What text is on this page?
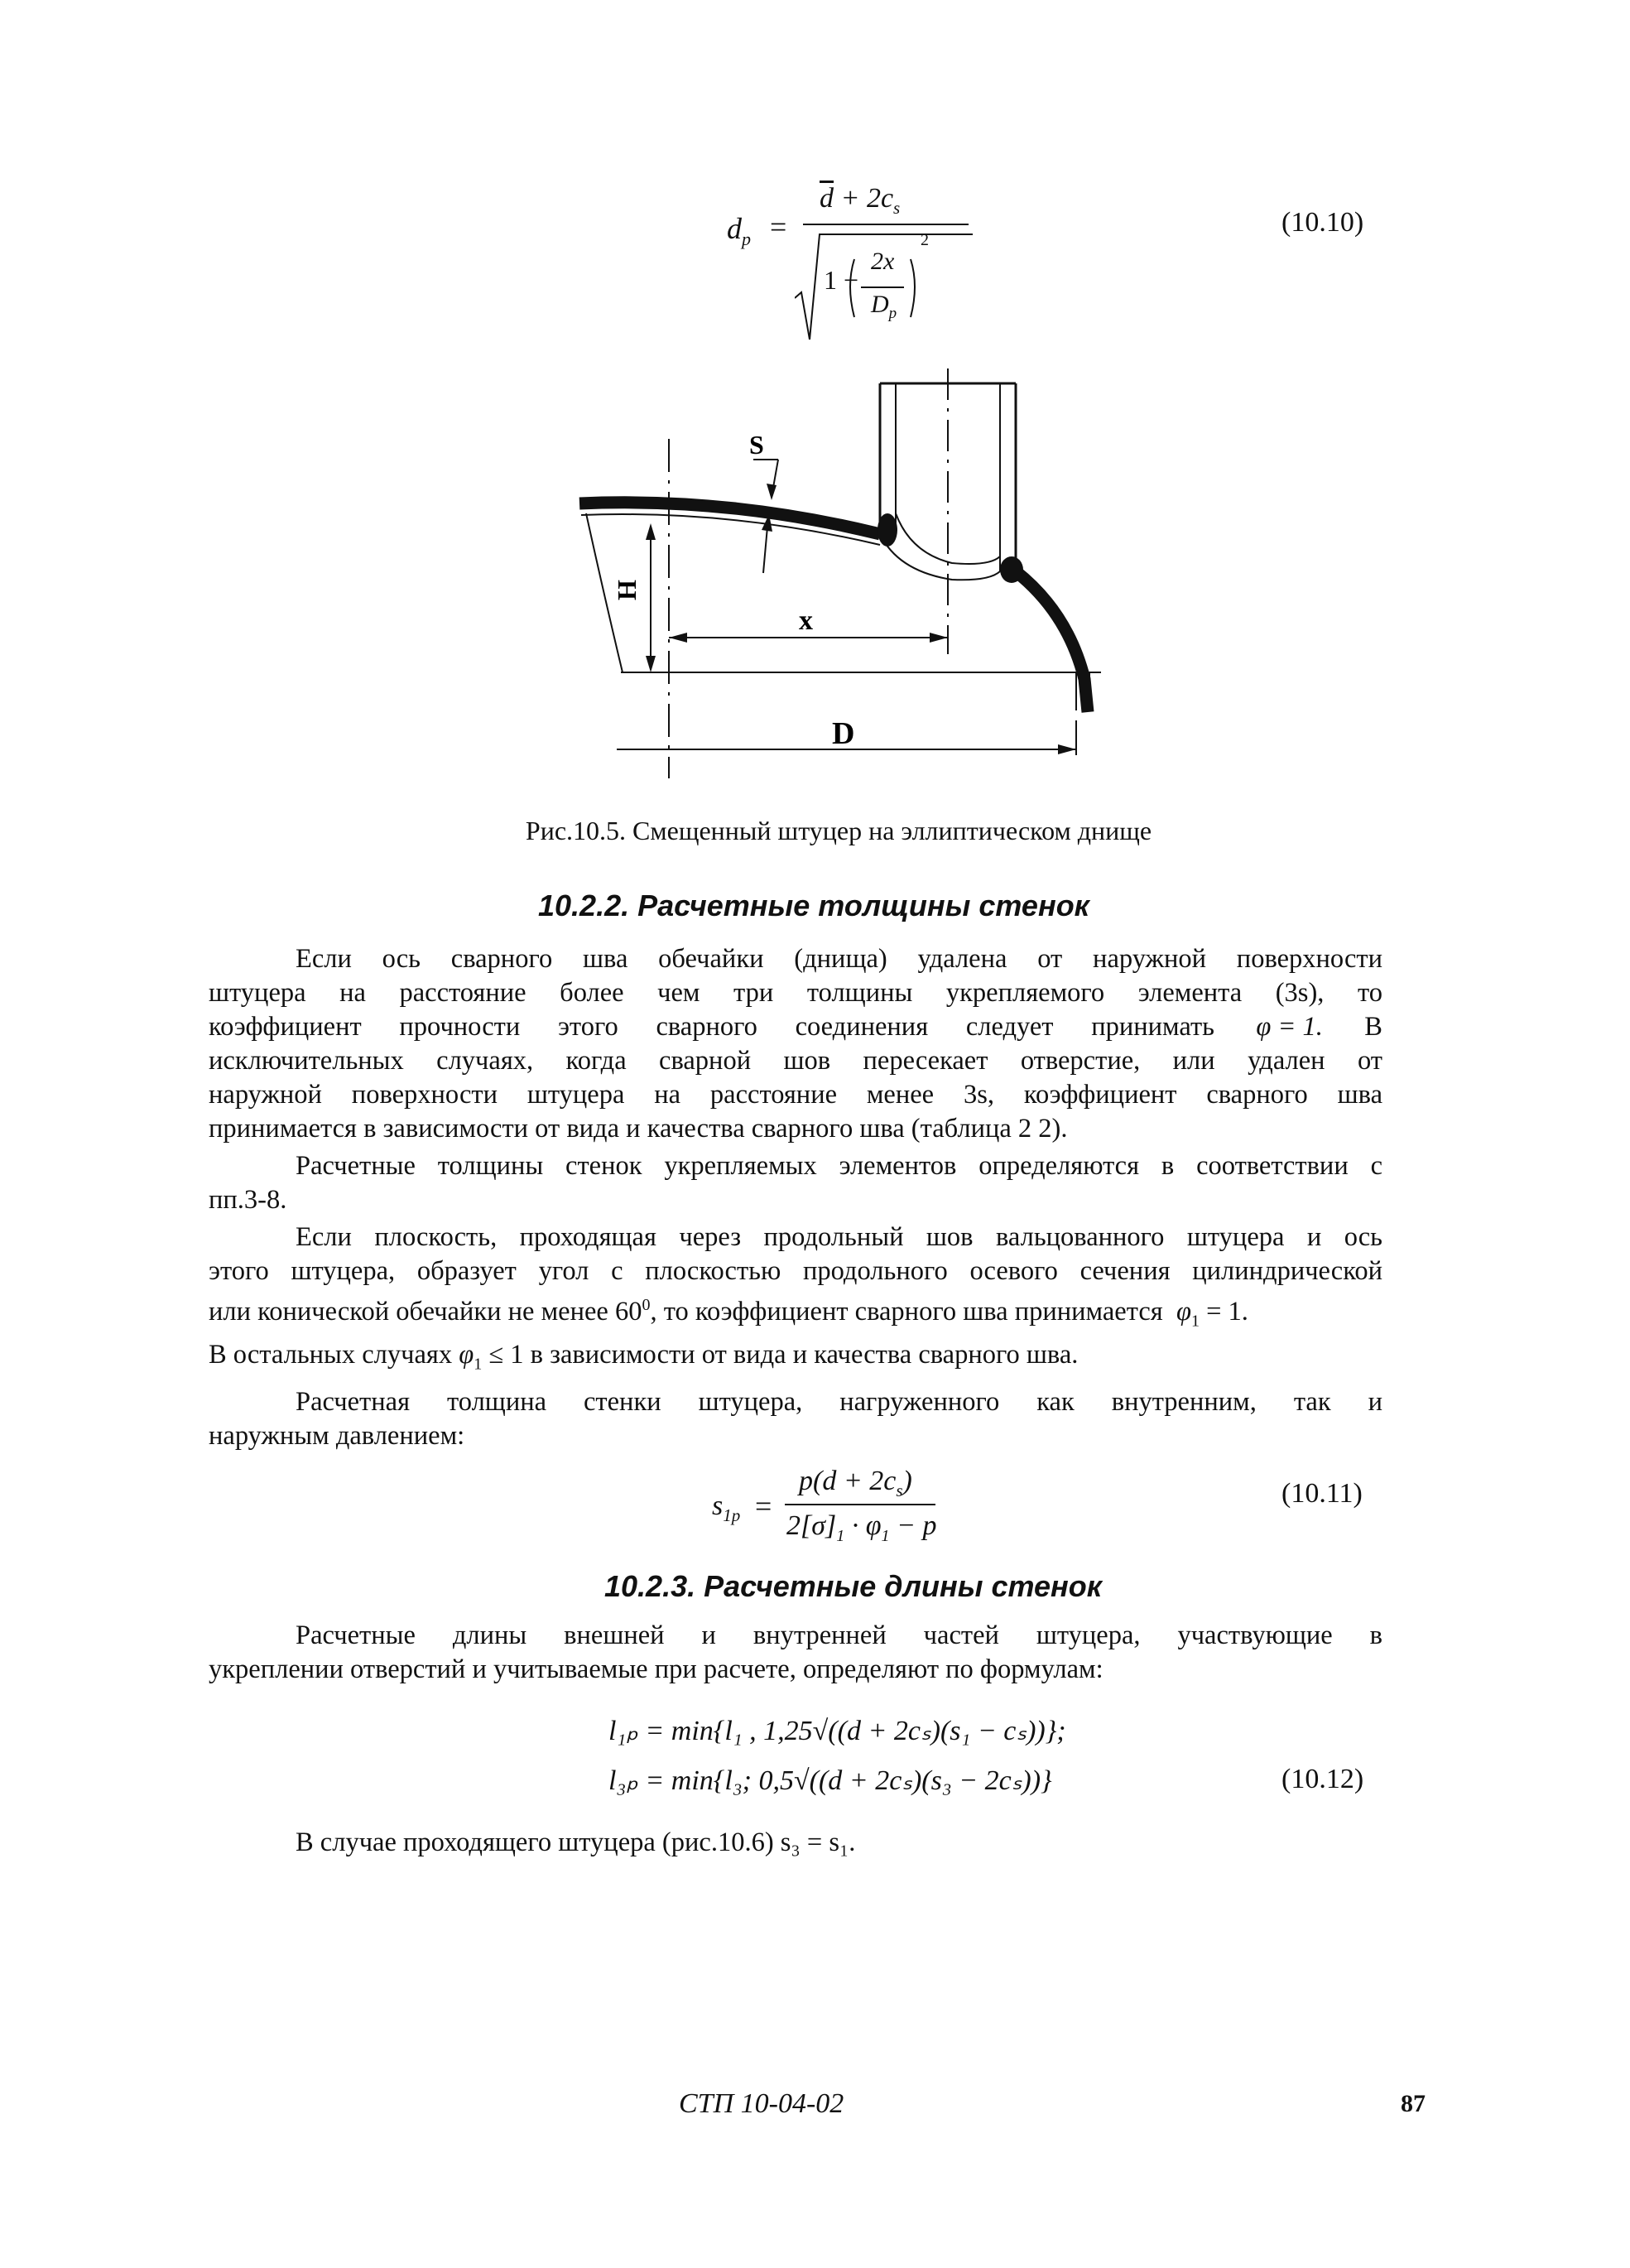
$d_p$ =
$\overline{d} + 2c_s$
1 −
2x
$D_p$
2
(10.10)
S
H
x
D
Рис.10.5. Смещенный штуцер на эллиптическом днище
10.2.2. Расчетные толщины стенок

Если ось сварного шва обечайки (днища) удалена от наружной поверхности

штуцера на расстояние более чем три толщины укрепляемого элемента (3s), то

коэффициент прочности этого сварного соединения следует принимать φ = 1. В

исключительных случаях, когда сварной шов пересекает отверстие, или удален от

наружной поверхности штуцера на расстояние менее 3s, коэффициент сварного шва

принимается в зависимости от вида и качества сварного шва (таблица 2 2).

Расчетные толщины стенок укрепляемых элементов определяются в соответствии с

пп.3-8.

Если плоскость, проходящая через продольный шов вальцованного штуцера и ось

этого штуцера, образует угол с плоскостью продольного осевого сечения цилиндрической

или конической обечайки не менее $60^0$, то коэффициент сварного шва принимается $\varphi_1 = 1$.

В остальных случаях $\varphi_1 \le 1$ в зависимости от вида и качества сварного шва.

Расчетная толщина стенки штуцера, нагруженного как внутренним, так и

наружным давлением:

$s_{1p}$ =
$p(d + 2c_s)$
$2[\sigma]_1 \cdot \varphi_1 - p$
(10.11)
10.2.3. Расчетные длины стенок

Расчетные длины внешней и внутренней частей штуцера, участвующие в

укреплении отверстий и учитываемые при расчете, определяют по формулам:

l₁ₚ = min{l₁ , 1,25√((d + 2cₛ)(s₁ − cₛ))};
l₃ₚ = min{l₃; 0,5√((d + 2cₛ)(s₃ − 2cₛ))}	(10.12)
В случае проходящего штуцера (рис.10.6) s₃ = s₁.
СТП 10-04-02	87
